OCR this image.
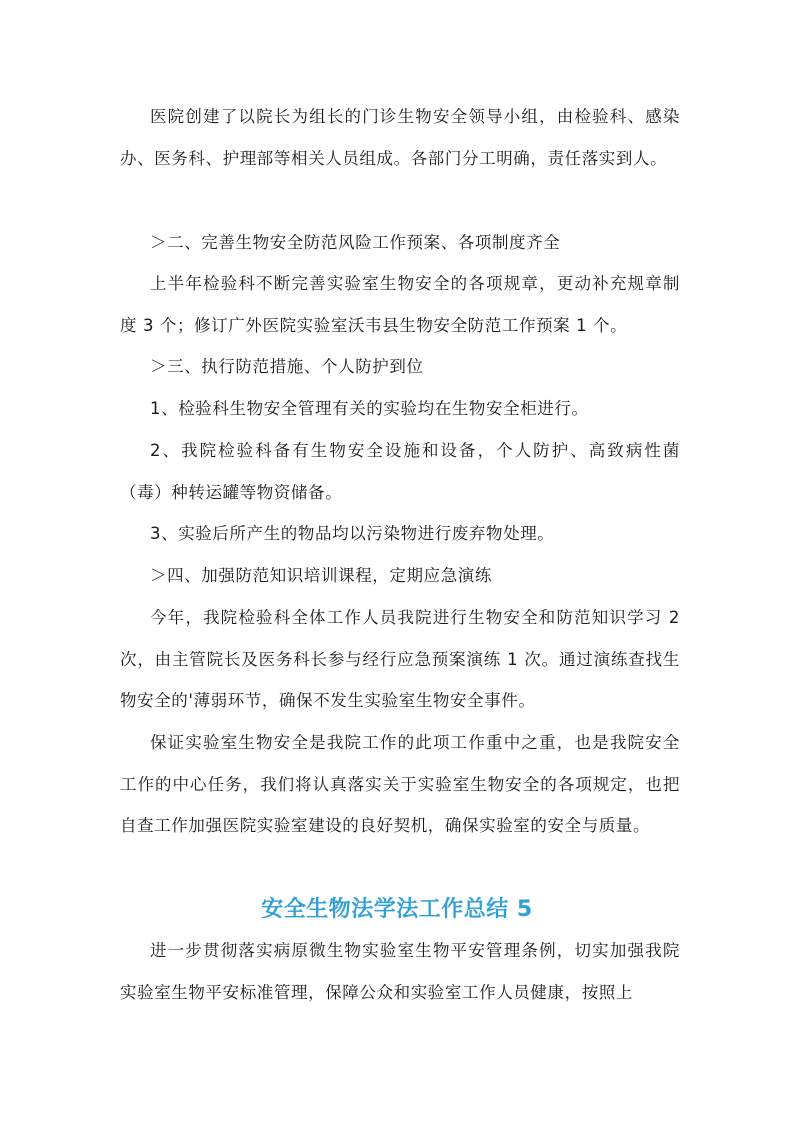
医院创建了以院长为组长的门诊生物安全领导小组，由检验科、感染办、医务科、护理部等相关人员组成。各部门分工明确，责任落实到人。

＞二、完善生物安全防范风险工作预案、各项制度齐全

上半年检验科不断完善实验室生物安全的各项规章，更动补充规章制度 3 个；修订广外医院实验室沃韦县生物安全防范工作预案 1 个。

＞三、执行防范措施、个人防护到位

1、检验科生物安全管理有关的实验均在生物安全柜进行。

2、我院检验科备有生物安全设施和设备，个人防护、高致病性菌（毒）种转运罐等物资储备。

3、实验后所产生的物品均以污染物进行废弃物处理。

＞四、加强防范知识培训课程，定期应急演练

今年，我院检验科全体工作人员我院进行生物安全和防范知识学习 2 次，由主管院长及医务科长参与经行应急预案演练 1 次。通过演练查找生物安全的'薄弱环节，确保不发生实验室生物安全事件。

保证实验室生物安全是我院工作的此项工作重中之重，也是我院安全工作的中心任务，我们将认真落实关于实验室生物安全的各项规定，也把自查工作加强医院实验室建设的良好契机，确保实验室的安全与质量。

安全生物法学法工作总结 5

进一步贯彻落实病原微生物实验室生物平安管理条例，切实加强我院实验室生物平安标准管理，保障公众和实验室工作人员健康，按照上
